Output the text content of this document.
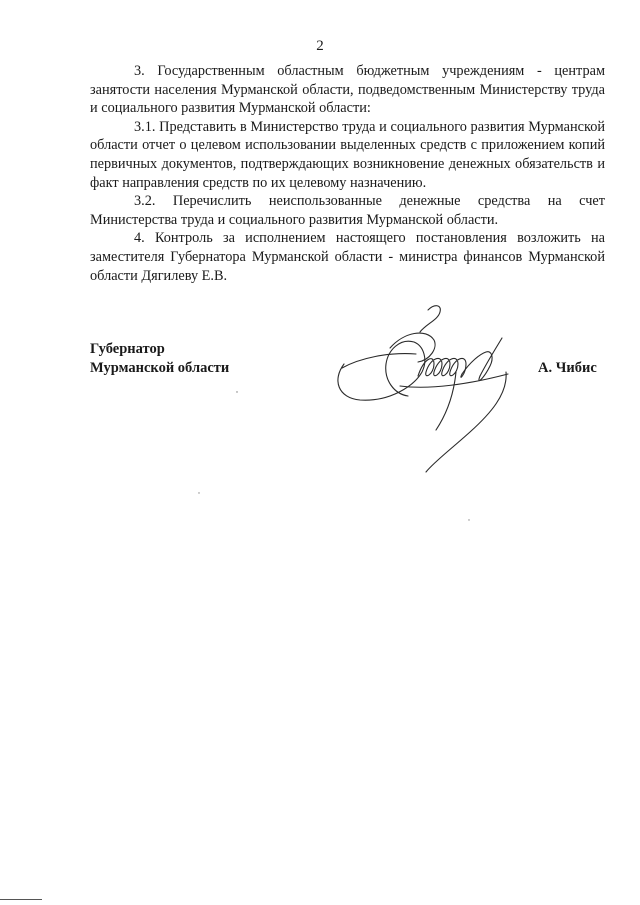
2

3. Государственным областным бюджетным учреждениям - центрам занятости населения Мурманской области, подведомственным Министерству труда и социального развития Мурманской области:

3.1. Представить в Министерство труда и социального развития Мурманской области отчет о целевом использовании выделенных средств с приложением копий первичных документов, подтверждающих возникновение денежных обязательств и факт направления средств по их целевому назначению.

3.2. Перечислить неиспользованные денежные средства на счет Министерства труда и социального развития Мурманской области.

4. Контроль за исполнением настоящего постановления возложить на заместителя Губернатора Мурманской области - министра финансов Мурманской области Дягилеву Е.В.

Губернатор
Мурманской области	А. Чибис
